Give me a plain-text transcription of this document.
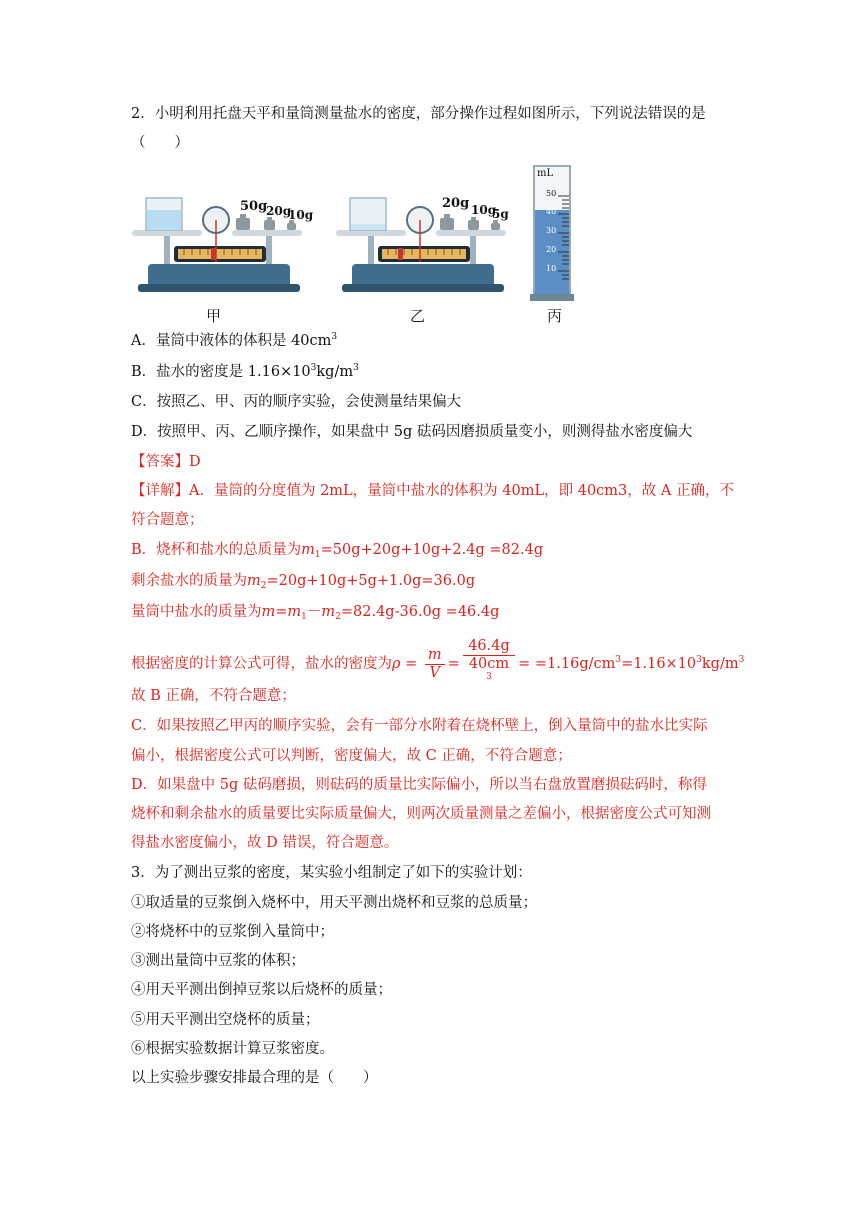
2．小明利用托盘天平和量筒测量盐水的密度，部分操作过程如图所示，下列说法错误的是
（　　）
50g
20g
10g
甲
20g 10g
5g
乙
mL
50
40
30
20
10
丙
A．量筒中液体的体积是 $40cm^3$
B．盐水的密度是 $1.16\times 10^3kg/m^3$
C．按照乙、甲、丙的顺序实验，会使测量结果偏大
D．按照甲、丙、乙顺序操作，如果盘中 5g 砝码因磨损质量变小，则测得盐水密度偏大
【答案】D
【详解】A．量筒的分度值为 2mL，量筒中盐水的体积为 40mL，即 40cm3，故 A 正确，不
符合题意；
B．烧杯和盐水的总质量为$m_1=50g+20g+10g+2.4g =82.4g$
剩余盐水的质量为$m_2=20g+10g+5g+1.0g=36.0g$
量筒中盐水的质量为$m=m_1-m_2=82.4g-36.0g =46.4g$
根据密度的计算公式可得，盐水的密度为$\rho = \frac{m}{V} = 46.4g$
40cm
$^3 = =1.16g/cm^3=1.16\times 10^3kg/m^3$
故 B 正确，不符合题意；
C．如果按照乙甲丙的顺序实验，会有一部分水附着在烧杯壁上，倒入量筒中的盐水比实际
偏小，根据密度公式可以判断，密度偏大，故 C 正确，不符合题意；
D．如果盘中 5g 砝码磨损，则砝码的质量比实际偏小，所以当右盘放置磨损砝码时，称得
烧杯和剩余盐水的质量要比实际质量偏大，则两次质量测量之差偏小，根据密度公式可知测
得盐水密度偏小，故 D 错误，符合题意。
3．为了测出豆浆的密度，某实验小组制定了如下的实验计划：
①取适量的豆浆倒入烧杯中，用天平测出烧杯和豆浆的总质量；
②将烧杯中的豆浆倒入量筒中；
③测出量筒中豆浆的体积；
④用天平测出倒掉豆浆以后烧杯的质量；
⑤用天平测出空烧杯的质量；
⑥根据实验数据计算豆浆密度。
以上实验步骤安排最合理的是（　　）
